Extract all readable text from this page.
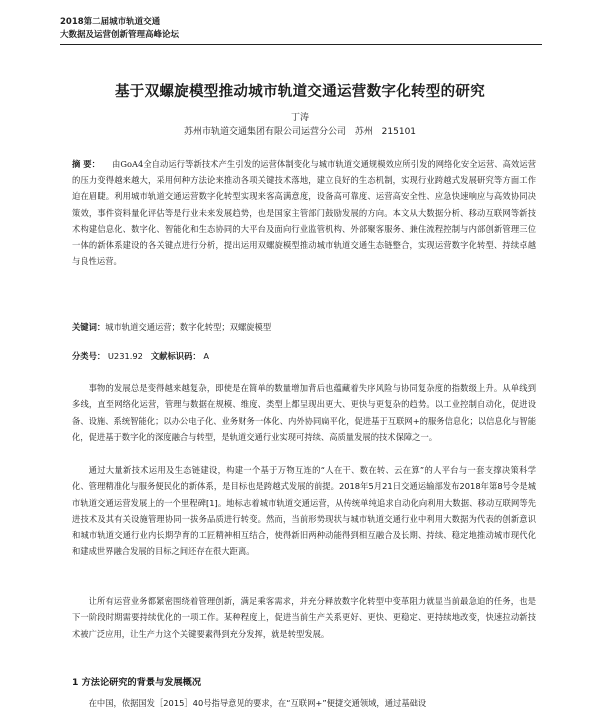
2018第二届城市轨道交通
大数据及运营创新管理高峰论坛
基于双螺旋模型推动城市轨道交通运营数字化转型的研究
丁涛
苏州市轨道交通集团有限公司运营分公司 苏州 215101

摘 要： 由GoA4全自动运行等新技术产生引发的运营体制变化与城市轨道交通规模效应所引发的网络化安全运营、高效运营的压力变得越来越大，采用何种方法论来推动各项关键技术落地，建立良好的生态机制，实现行业跨越式发展研究等方面工作迫在眉睫。利用城市轨道交通运营数字化转型实现来客高满意度，设备高可靠度、运营高安全性、应急快速响应与高效协同决策效，事件资料量化评估等是行业未来发展趋势，也是国家主管部门鼓励发展的方向。本文从大数据分析、移动互联网等新技术构建信息化、数字化、智能化和生态协同的大平台及面向行业监管机构、外部聚客服务、兼住流程控制与内部创新管理三位一体的新体系建设的各关键点进行分析，提出运用双螺旋模型推动城市轨道交通生态链整合，实现运营数字化转型、持续卓越与良性运营。

关键词：城市轨道交通运营；数字化转型；双螺旋模型

分类号： U231.92 文献标识码： A

事物的发展总是变得越来越复杂，即使是在简单的数量增加背后也蕴藏着失序风险与协同复杂度的指数级上升。从单线到多线，直至网络化运营，管理与数据在规模、维度、类型上都呈现出更大、更快与更复杂的趋势。以工业控制自动化，促进设备、设施、系统智能化；以办公电子化、业务财务一体化、内外协同扁平化，促进基于互联网+的服务信息化；以信息化与智能化，促进基于数字化的深度融合与转型，是轨道交通行业实现可持续、高质量发展的技术保障之一。

通过大量新技术运用及生态链建设，构建一个基于万物互连的“人在干、数在转、云在算”的人平台与一套支撑决策科学化、管理精准化与服务便民化的新体系，是目标也是跨越式发展的前提。2018年5月21日交通运输部发布2018年第8号令是城市轨道交通运营发展上的一个里程碑[1]。地标志着城市轨道交通运营，从传统单纯追求自动化向利用大数据、移动互联网等先进技术及其有关设施管理协同一拔务品质进行转变。然而，当前形势现状与城市轨道交通行业中利用大数据为代表的创新意识和城市轨道交通行业内长期孕育的工匠精神相互结合，使得新旧两种动能得到相互融合及长期、持续、稳定地推动城市现代化和建成世界融合发展的目标之间还存在很大距离。

让所有运营业务都紧密围绕着管理创新，满足乘客需求，并充分释放数字化转型中变革阻力就显当前最急迫的任务，也是下一阶段时期需要持续优化的一项工作。某种程度上，促进当前生产关系更好、更快、更稳定、更持续地改变，快速拉动新技术被广泛应用，让生产力这个关键要素得到充分发挥，就是转型发展。

1 方法论研究的背景与发展概况

在中国，依据国发［2015］40号指导意见的要求，在“互联网+”便捷交通领域，通过基础设
